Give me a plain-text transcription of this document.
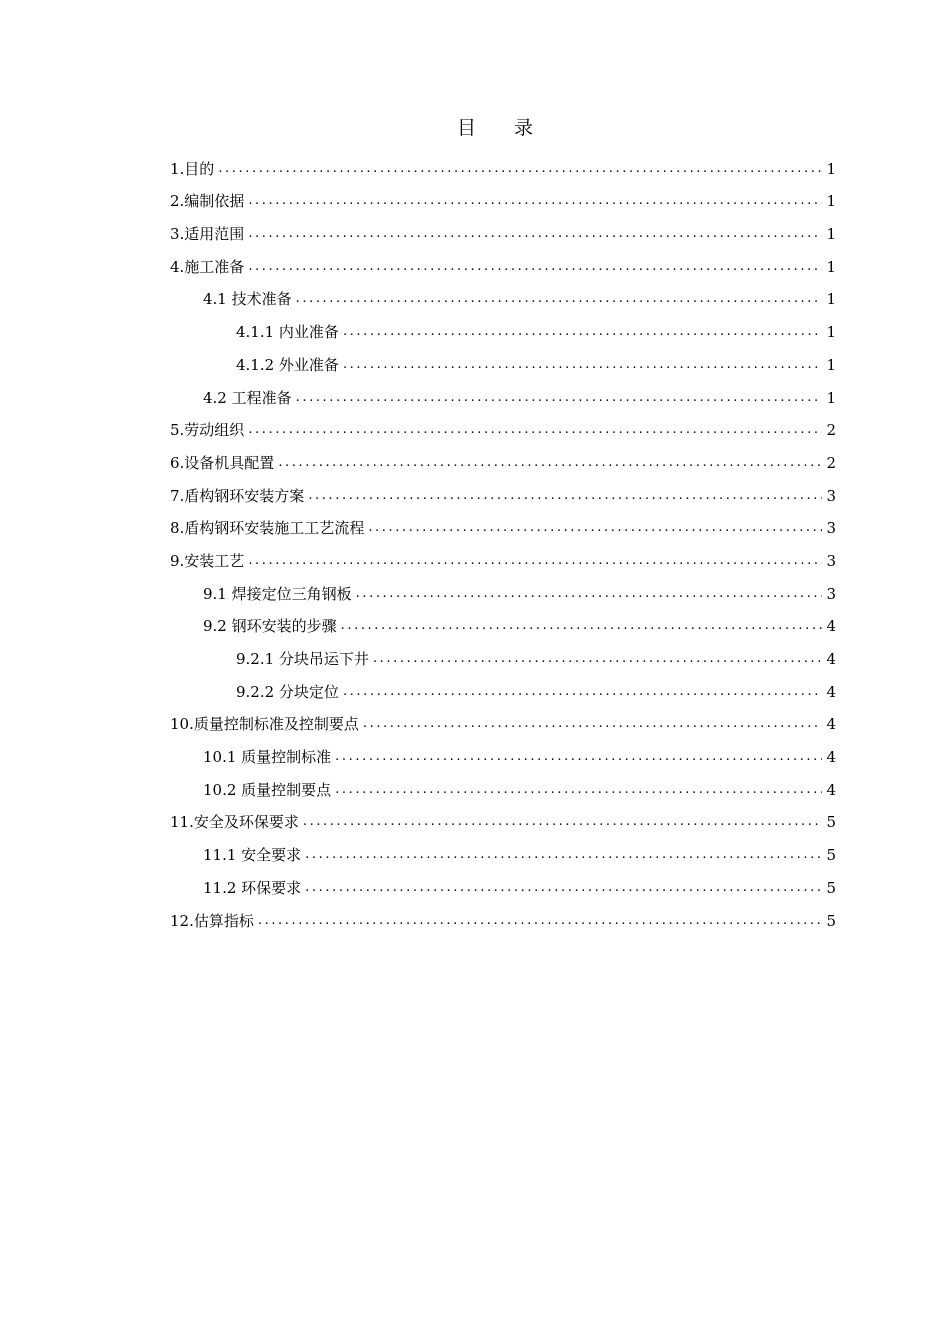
目 录
1.目的 .....	1
2.编制依据 .....	1
3.适用范围 .....	1
4.施工准备 .....	1
4.1 技术准备 .....	1
4.1.1 内业准备 .....	1
4.1.2 外业准备 .....	1
4.2 工程准备 .....	1
5.劳动组织 .....	2
6.设备机具配置 .....	2
7.盾构钢环安装方案 .....	3
8.盾构钢环安装施工工艺流程 .....	3
9.安装工艺 .....	3
9.1 焊接定位三角钢板 .....	3
9.2 钢环安装的步骤 .....	4
9.2.1 分块吊运下井 .....	4
9.2.2 分块定位 .....	4
10.质量控制标准及控制要点 .....	4
10.1 质量控制标准 .....	4
10.2 质量控制要点 .....	4
11.安全及环保要求 .....	5
11.1 安全要求 .....	5
11.2 环保要求 .....	5
12.估算指标 .....	5
